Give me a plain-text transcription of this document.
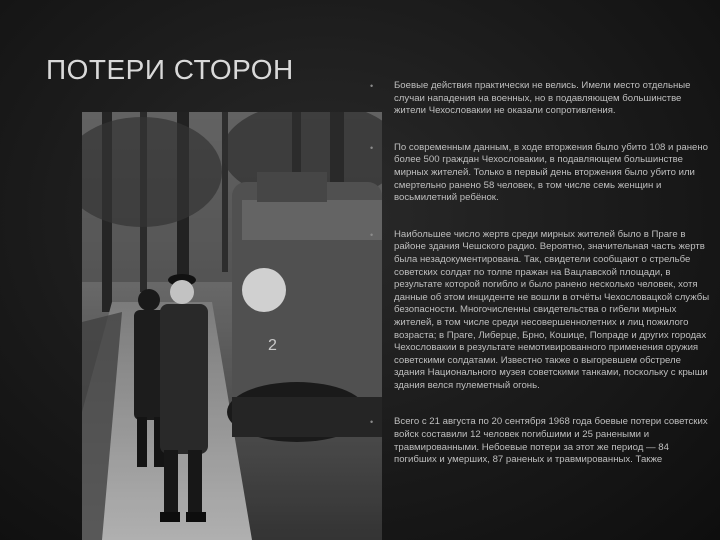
ПОТЕРИ СТОРОН
2
• Боевые действия практически не велись. Имели место отдельные случаи нападения на военных, но в подавляющем большинстве жители Чехословакии не оказали сопротивления.
• По современным данным, в ходе вторжения было убито 108 и ранено более 500 граждан Чехословакии, в подавляющем большинстве мирных жителей. Только в первый день вторжения было убито или смертельно ранено 58 человек, в том числе семь женщин и восьмилетний ребёнок.
• Наибольшее число жертв среди мирных жителей было в Праге в районе здания Чешского радио. Вероятно, значительная часть жертв была незадокументирована. Так, свидетели сообщают о стрельбе советских солдат по толпе пражан на Вацлавской площади, в результате которой погибло и было ранено несколько человек, хотя данные об этом инциденте не вошли в отчёты Чехословацкой службы безопасности. Многочисленны свидетельства о гибели мирных жителей, в том числе среди несовершеннолетних и лиц пожилого возраста; в Праге, Либерце, Брно, Кошице, Попраде и других городах Чехословакии в результате немотивированного применения оружия советскими солдатами. Известно также о выгоревшем обстреле здания Национального музея советскими танками, поскольку с крыши здания велся пулеметный огонь.
• Всего с 21 августа по 20 сентября 1968 года боевые потери советских войск составили 12 человек погибшими и 25 ранеными и травмированными. Небоевые потери за этот же период — 84 погибших и умерших, 87 раненых и травмированных. Также
